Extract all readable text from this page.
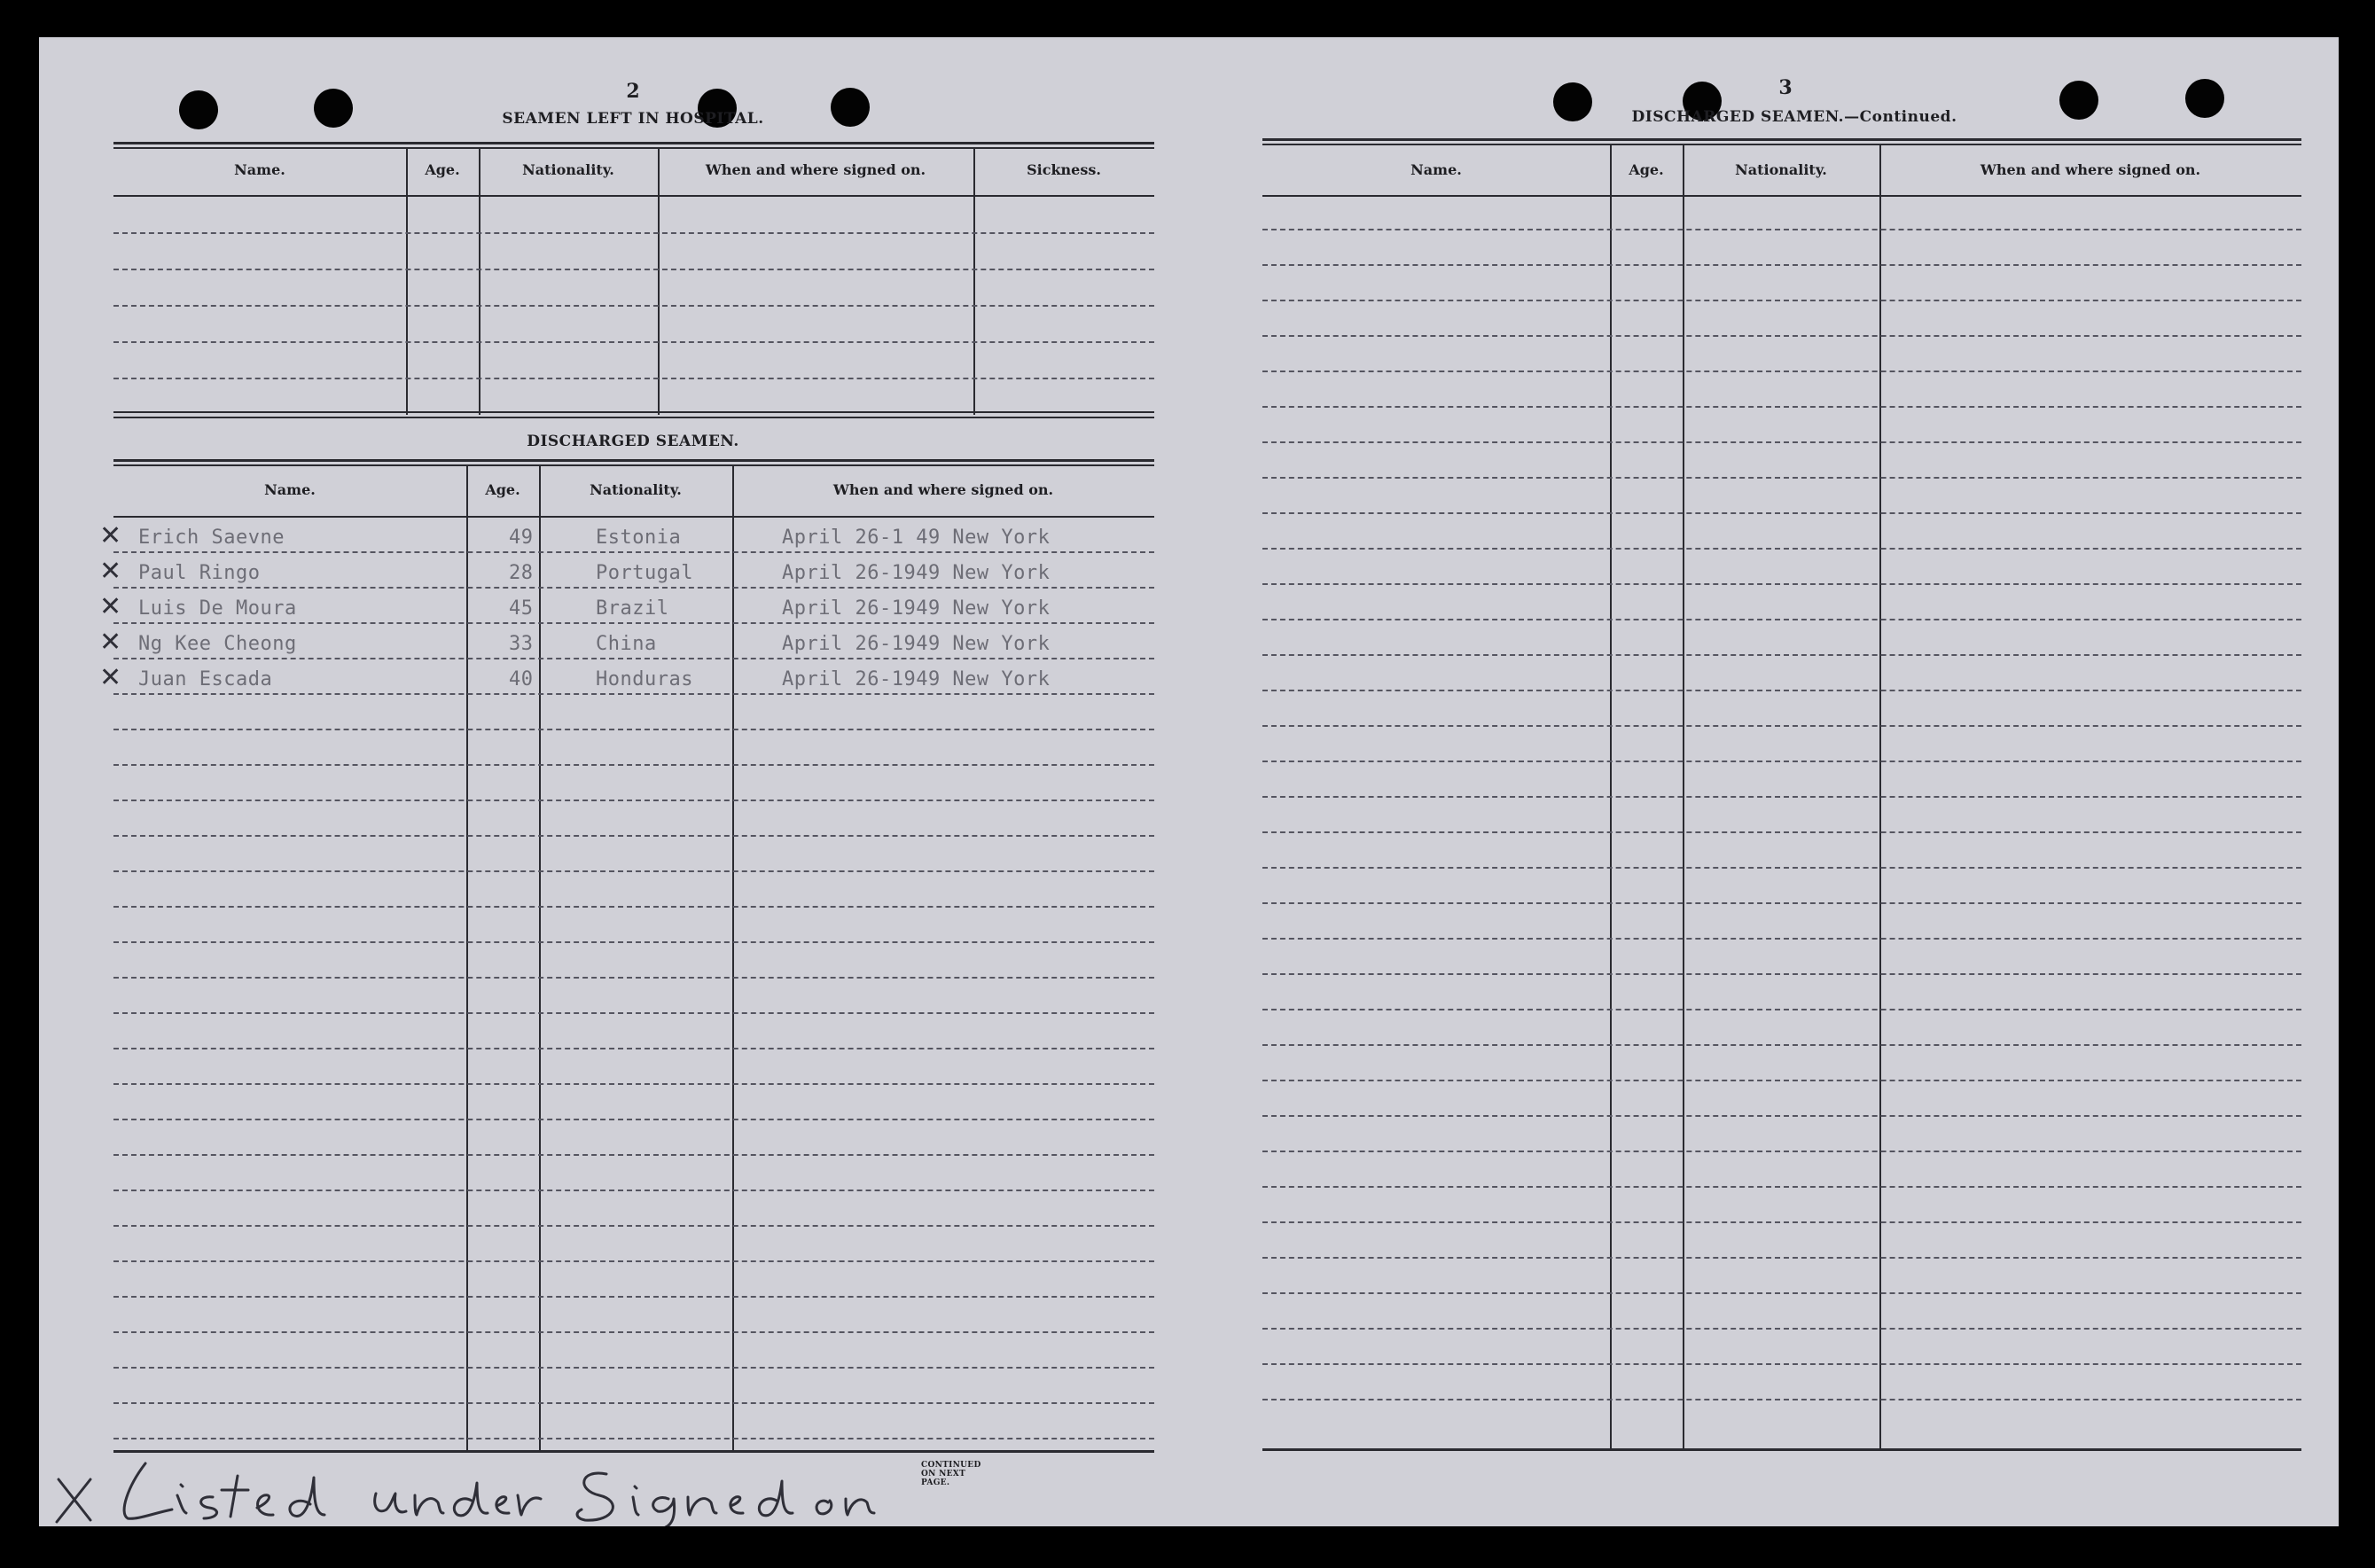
2
SEAMEN LEFT IN HOSPITAL.
Name.	Age.	Nationality.	When and where signed on.	Sickness.
DISCHARGED SEAMEN.
Name.	Age.	Nationality.	When and where signed on.
✕ Erich Saevne	49	Estonia	April 26-1 49 New York
✕ Paul Ringo	28	Portugal	April 26-1949 New York
✕ Luis De Moura	45	Brazil	April 26-1949 New York
✕ Ng Kee Cheong	33	China	April 26-1949 New York
✕ Juan Escada	40	Honduras	April 26-1949 New York
CONTINUED ON NEXT PAGE.
3
DISCHARGED SEAMEN.—Continued.
Name.	Age.	Nationality.	When and where signed on.
